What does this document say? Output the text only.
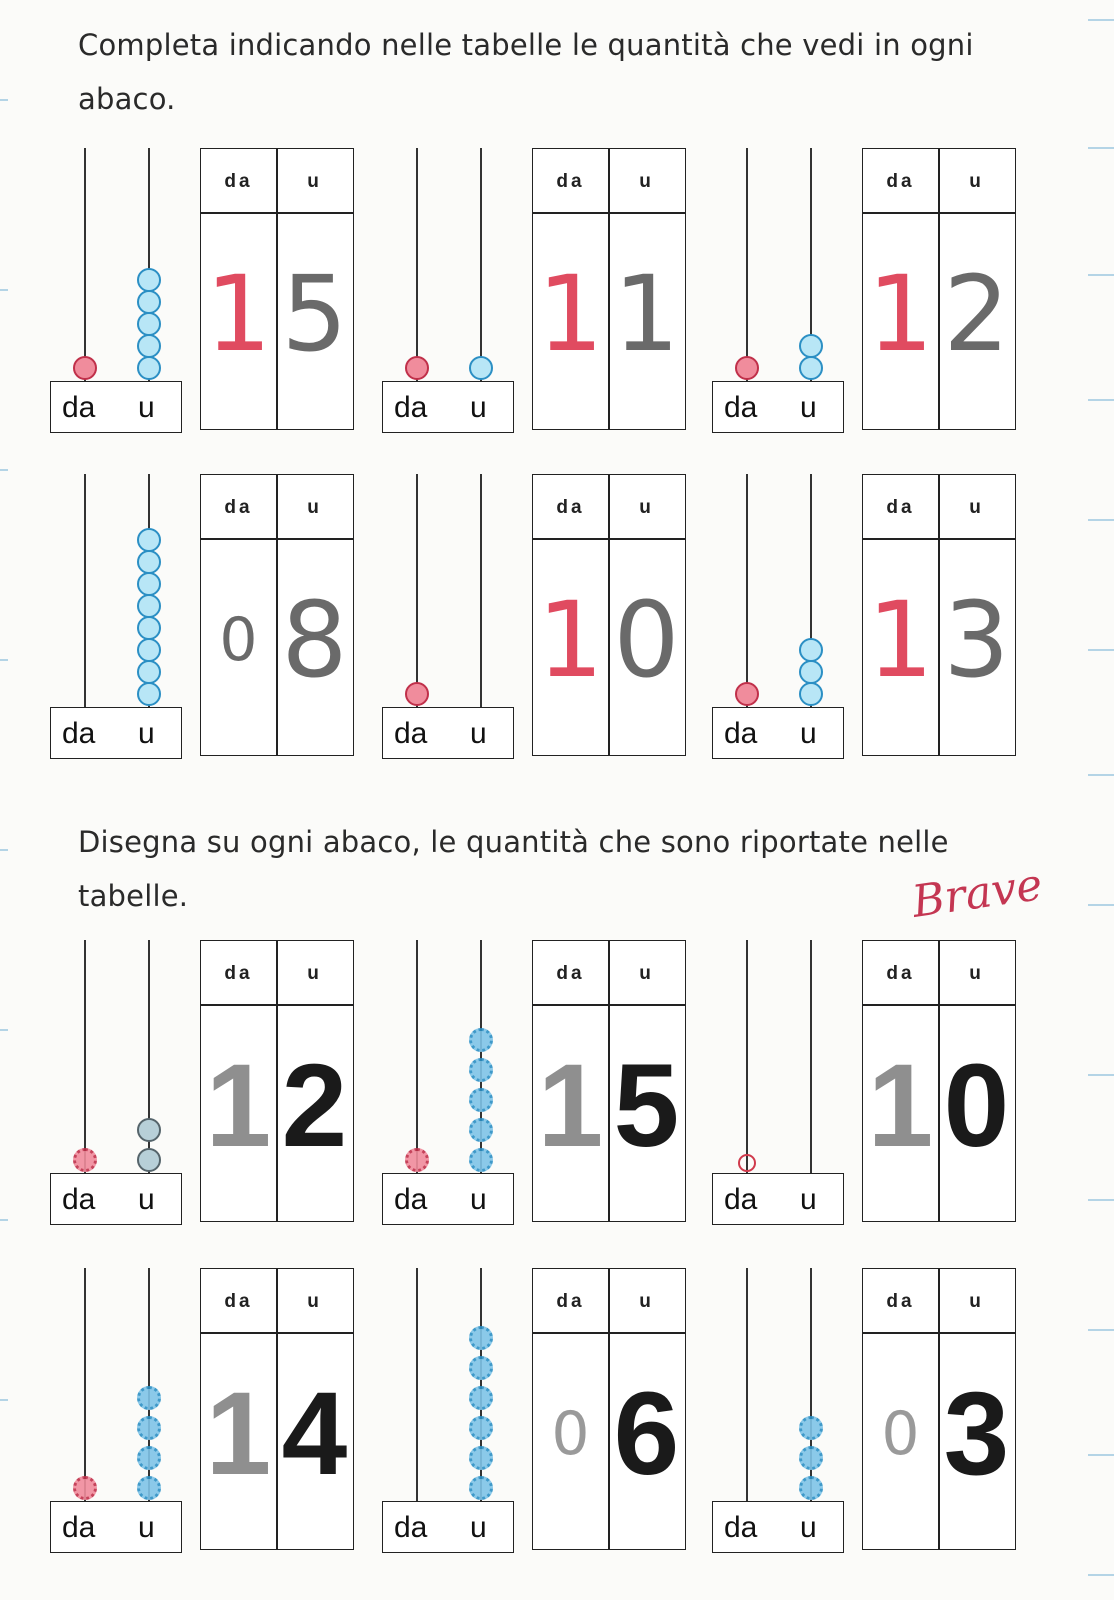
Completa indicando nelle tabelle le quantità che vedi in ogni abaco.

Disegna su ogni abaco, le quantità che sono riportate nelle tabelle.	Brave
da u
da	u
1 5
da u
da	u
1 1
da u
da	u
1 2
da u
da	u
0 8
da u
da	u
1 0
da u
da	u
1 3
da u
da	u
1 2
da u
da	u
1 5
da u
da	u
1 0
da u
da	u
1 4
da u
da	u
0 6
da u
da	u
0 3
